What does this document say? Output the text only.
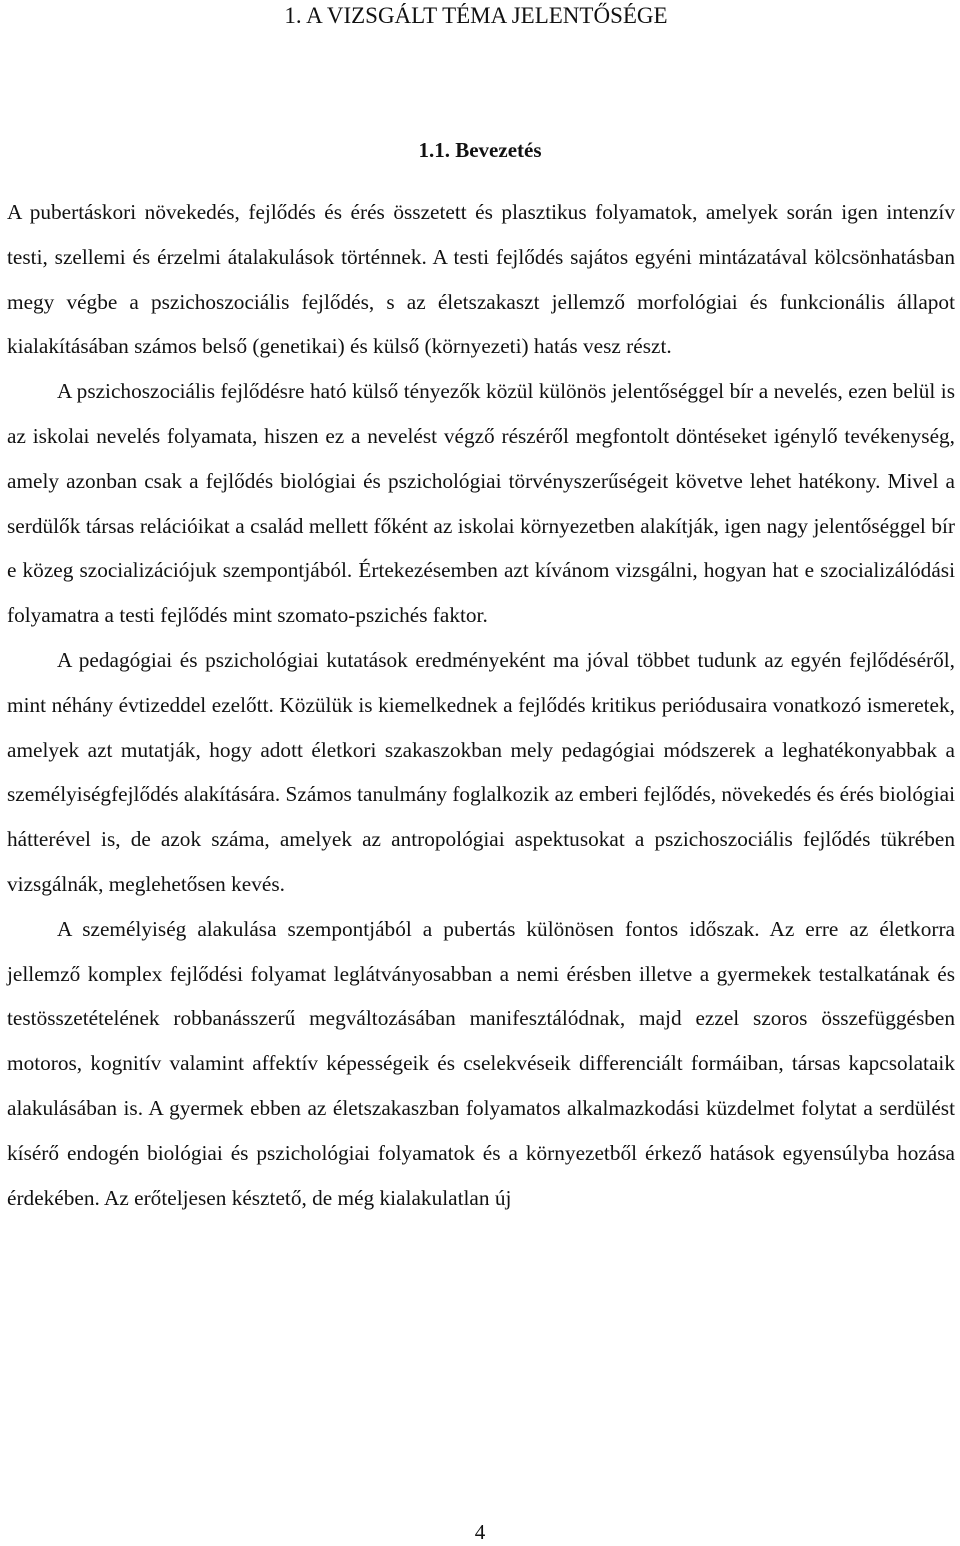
1. A VIZSGÁLT TÉMA JELENTŐSÉGE
1.1. Bevezetés

A pubertáskori növekedés, fejlődés és érés összetett és plasztikus folyamatok, amelyek során igen intenzív testi, szellemi és érzelmi átalakulások történnek. A testi fejlődés sajátos egyéni mintázatával kölcsönhatásban megy végbe a pszichoszociális fejlődés, s az életszakaszt jellemző morfológiai és funkcionális állapot kialakításában számos belső (genetikai) és külső (környezeti) hatás vesz részt.

A pszichoszociális fejlődésre ható külső tényezők közül különös jelentőséggel bír a nevelés, ezen belül is az iskolai nevelés folyamata, hiszen ez a nevelést végző részéről megfontolt döntéseket igénylő tevékenység, amely azonban csak a fejlődés biológiai és pszichológiai törvényszerűségeit követve lehet hatékony. Mivel a serdülők társas relációikat a család mellett főként az iskolai környezetben alakítják, igen nagy jelentőséggel bír e közeg szocializációjuk szempontjából. Értekezésemben azt kívánom vizsgálni, hogyan hat e szocializálódási folyamatra a testi fejlődés mint szomato-pszichés faktor.

A pedagógiai és pszichológiai kutatások eredményeként ma jóval többet tudunk az egyén fejlődéséről, mint néhány évtizeddel ezelőtt. Közülük is kiemelkednek a fejlődés kritikus periódusaira vonatkozó ismeretek, amelyek azt mutatják, hogy adott életkori szakaszokban mely pedagógiai módszerek a leghatékonyabbak a személyiségfejlődés alakítására. Számos tanulmány foglalkozik az emberi fejlődés, növekedés és érés biológiai hátterével is, de azok száma, amelyek az antropológiai aspektusokat a pszichoszociális fejlődés tükrében vizsgálnák, meglehetősen kevés.

A személyiség alakulása szempontjából a pubertás különösen fontos időszak. Az erre az életkorra jellemző komplex fejlődési folyamat leglátványosabban a nemi érésben illetve a gyermekek testalkatának és testösszetételének robbanásszerű megváltozásában manifesztálódnak, majd ezzel szoros összefüggésben motoros, kognitív valamint affektív képességeik és cselekvéseik differenciált formáiban, társas kapcsolataik alakulásában is. A gyermek ebben az életszakaszban folyamatos alkalmazkodási küzdelmet folytat a serdülést kísérő endogén biológiai és pszichológiai folyamatok és a környezetből érkező hatások egyensúlyba hozása érdekében. Az erőteljesen késztető, de még kialakulatlan új

4
